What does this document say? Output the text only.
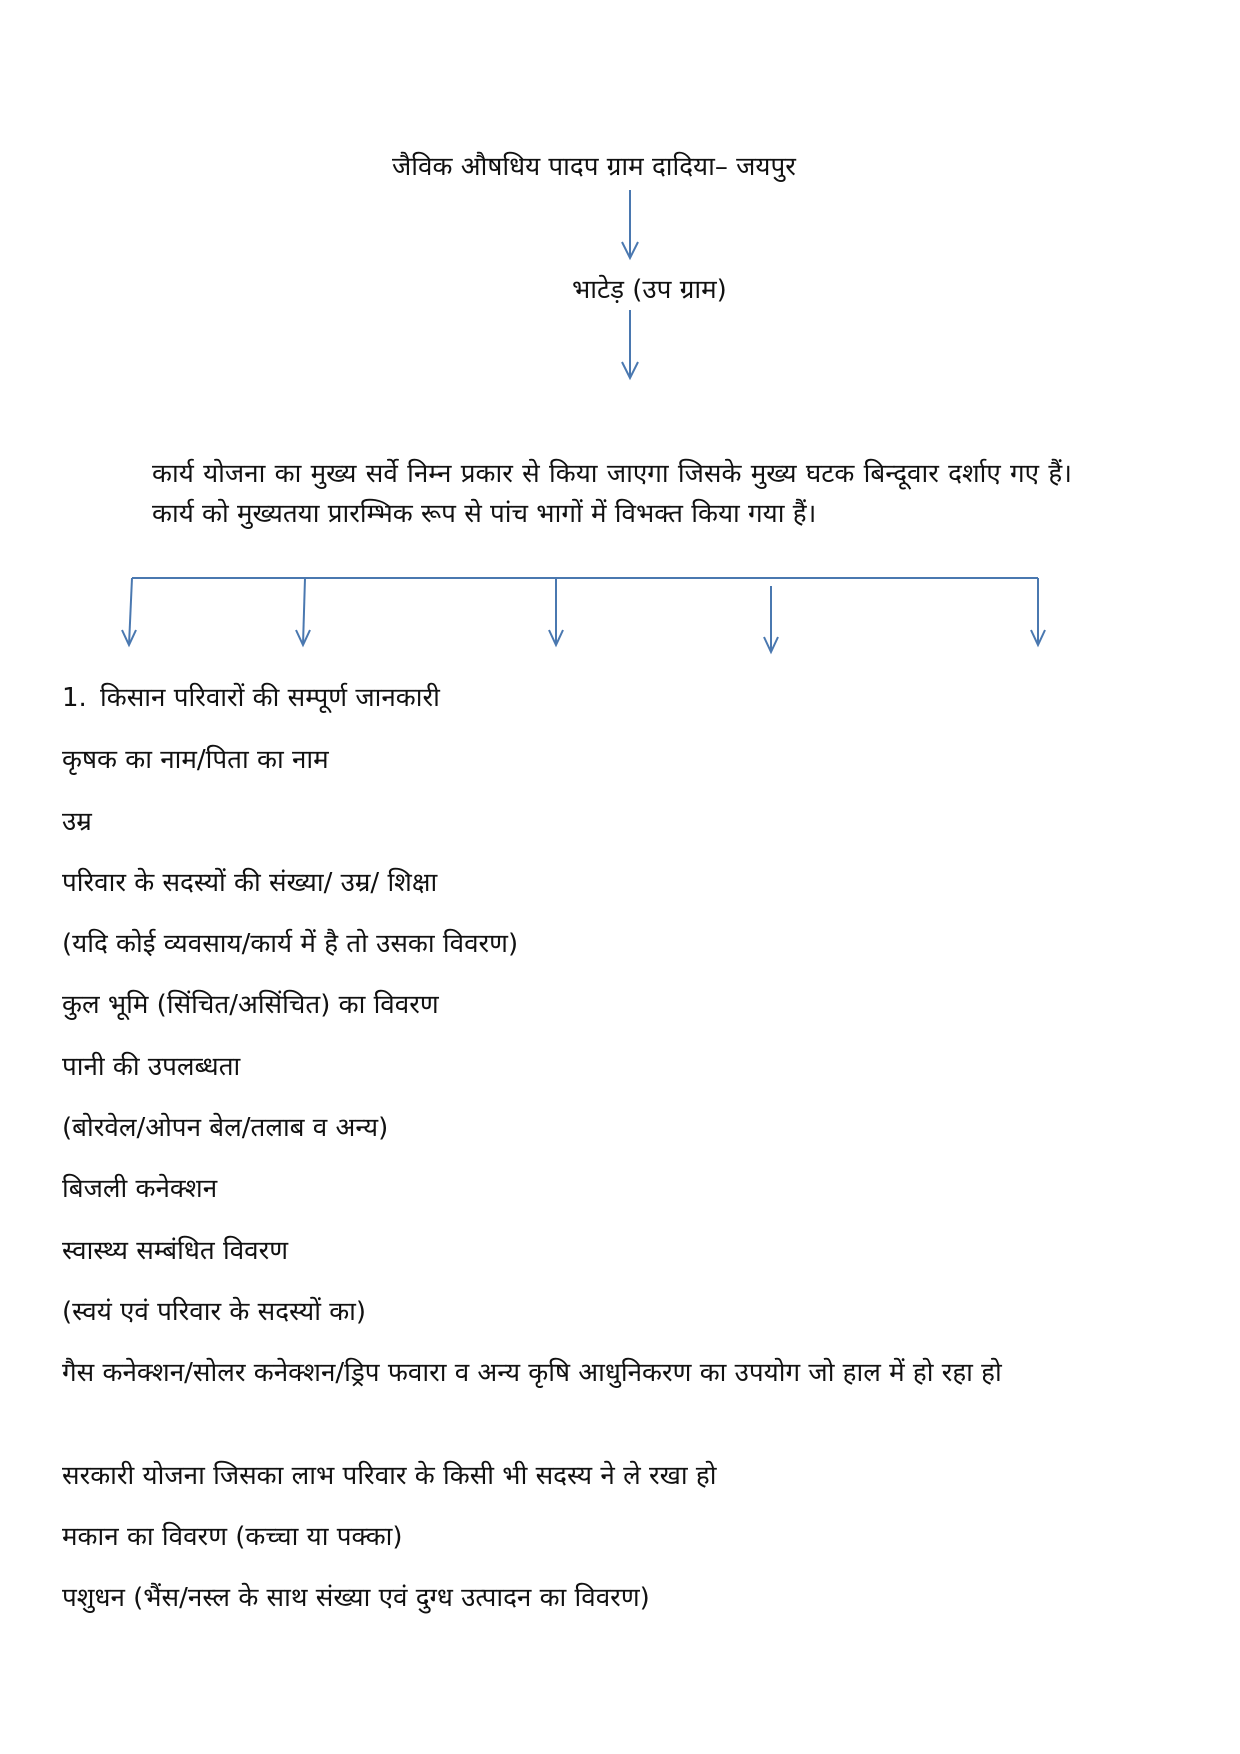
जैविक औषधिय पादप ग्राम दादिया– जयपुर
भाटेड़ (उप ग्राम)
कार्य योजना का मुख्य सर्वे निम्न प्रकार से किया जाएगा जिसके मुख्य घटक बिन्दूवार दर्शाए गए हैं। कार्य को मुख्यतया प्रारम्भिक रूप से पांच भागों में विभक्त किया गया हैं।
1. किसान परिवारों की सम्पूर्ण जानकारी
कृषक का नाम/पिता का नाम
उम्र
परिवार के सदस्यों की संख्या/ उम्र/ शिक्षा
(यदि कोई व्यवसाय/कार्य में है तो उसका विवरण)
कुल भूमि (सिंचित/असिंचित) का विवरण
पानी की उपलब्धता
(बोरवेल/ओपन बेल/तलाब व अन्य)
बिजली कनेक्शन
स्वास्थ्य सम्बंधित विवरण
(स्वयं एवं परिवार के सदस्यों का)
गैस कनेक्शन/सोलर कनेक्शन/ड्रिप फवारा व अन्य कृषि आधुनिकरण का उपयोग जो हाल में हो रहा हो
सरकारी योजना जिसका लाभ परिवार के किसी भी सदस्य ने ले रखा हो
मकान का विवरण (कच्चा या पक्का)
पशुधन (भैंस/नस्ल के साथ संख्या एवं दुग्ध उत्पादन का विवरण)
